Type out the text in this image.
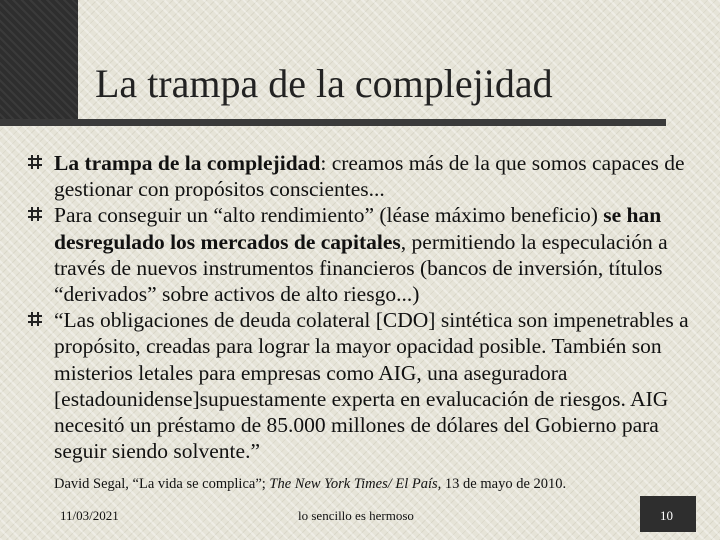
La trampa de la complejidad
La trampa de la complejidad: creamos más de la que somos capaces de gestionar con propósitos conscientes...
Para conseguir un “alto rendimiento” (léase máximo beneficio) se han desregulado los mercados de capitales, permitiendo la especulación a través de nuevos instrumentos financieros (bancos de inversión, títulos “derivados” sobre activos de alto riesgo...)
“Las obligaciones de deuda colateral [CDO] sintética son impenetrables a propósito, creadas para lograr la mayor opacidad posible. También son misterios letales para empresas como AIG, una aseguradora [estadounidense]supuestamente experta en evalucación de riesgos. AIG necesitó un préstamo de 85.000 millones de dólares del Gobierno para seguir siendo solvente.”
David Segal, “La vida se complica”; The New York Times/ El País, 13 de mayo de 2010.
11/03/2021	lo sencillo es hermoso	10
